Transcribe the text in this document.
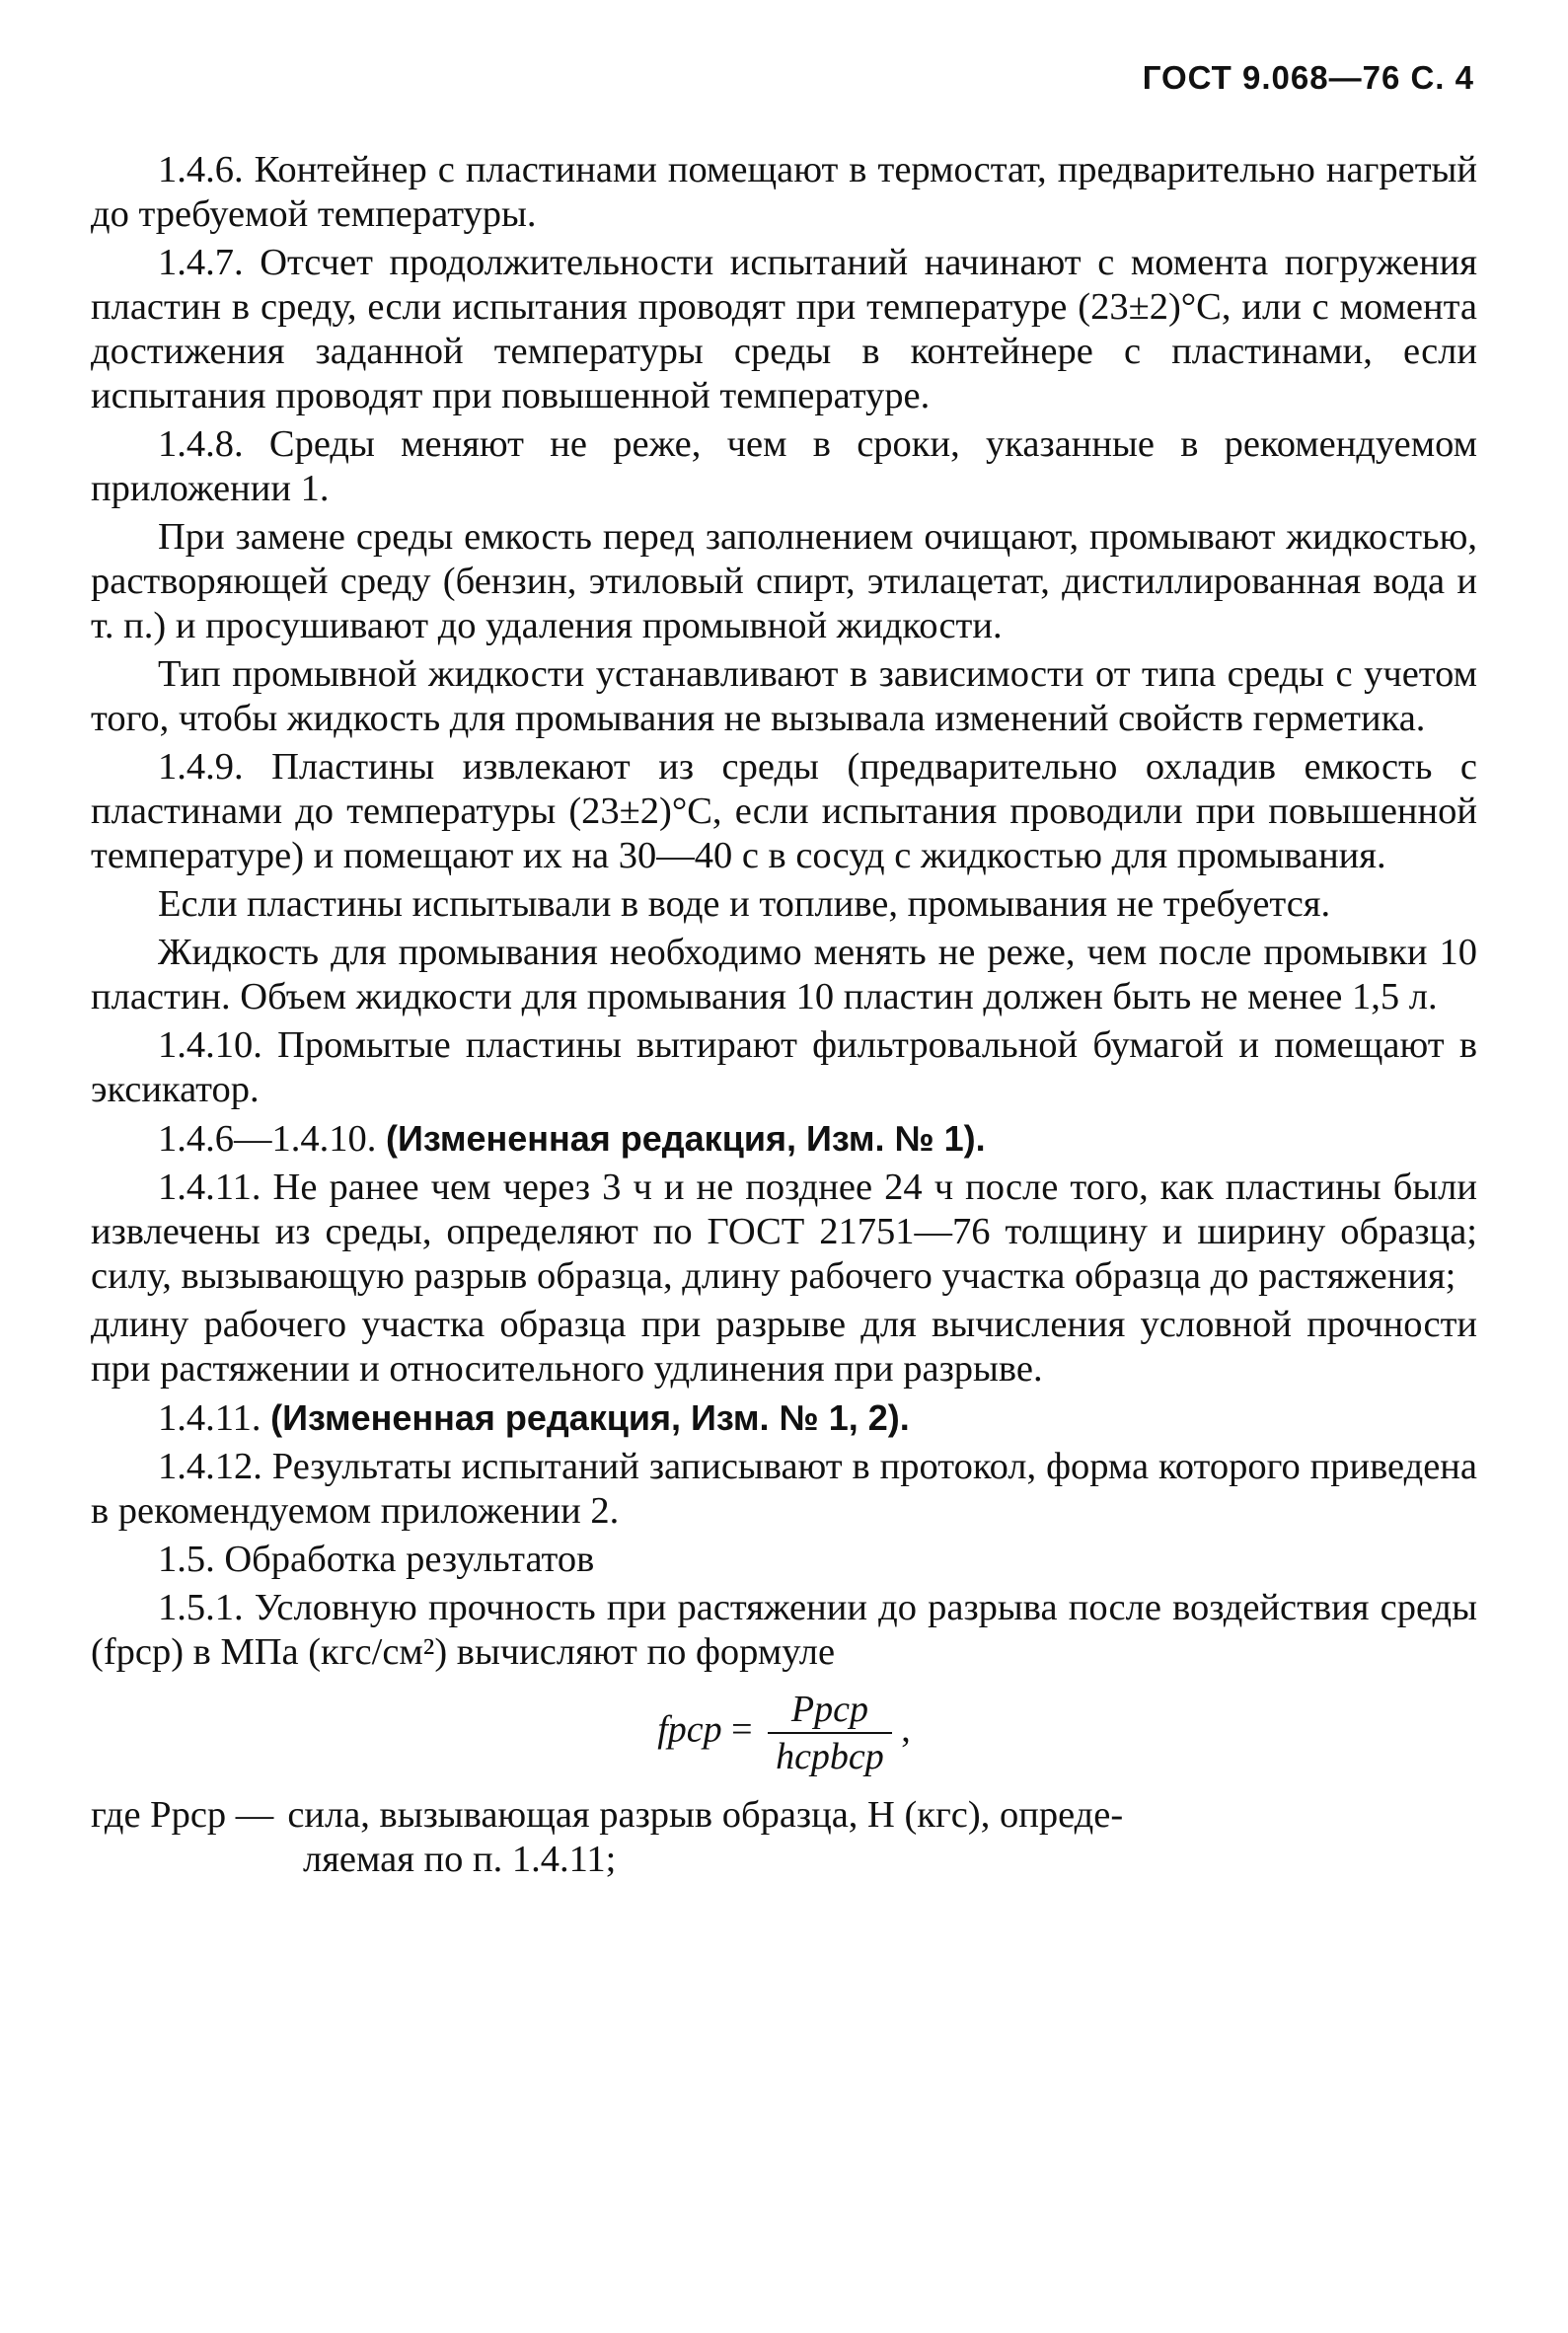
ГОСТ 9.068—76 С. 4

1.4.6. Контейнер с пластинами помещают в термостат, предварительно нагретый до требуемой температуры.

1.4.7. Отсчет продолжительности испытаний начинают с момента погружения пластин в среду, если испытания проводят при температуре (23±2)°С, или с момента достижения заданной температуры среды в контейнере с пластинами, если испытания проводят при повышенной температуре.

1.4.8. Среды меняют не реже, чем в сроки, указанные в рекомендуемом приложении 1.

При замене среды емкость перед заполнением очищают, промывают жидкостью, растворяющей среду (бензин, этиловый спирт, этилацетат, дистиллированная вода и т. п.) и просушивают до удаления промывной жидкости.

Тип промывной жидкости устанавливают в зависимости от типа среды с учетом того, чтобы жидкость для промывания не вызывала изменений свойств герметика.

1.4.9. Пластины извлекают из среды (предварительно охладив емкость с пластинами до температуры (23±2)°С, если испытания проводили при повышенной температуре) и помещают их на 30—40 с в сосуд с жидкостью для промывания.

Если пластины испытывали в воде и топливе, промывания не требуется.

Жидкость для промывания необходимо менять не реже, чем после промывки 10 пластин. Объем жидкости для промывания 10 пластин должен быть не менее 1,5 л.

1.4.10. Промытые пластины вытирают фильтровальной бумагой и помещают в эксикатор.

1.4.6—1.4.10. (Измененная редакция, Изм. № 1).

1.4.11. Не ранее чем через 3 ч и не позднее 24 ч после того, как пластины были извлечены из среды, определяют по ГОСТ 21751—76 толщину и ширину образца; силу, вызывающую разрыв образца, длину рабочего участка образца до растяжения;

длину рабочего участка образца при разрыве для вычисления условной прочности при растяжении и относительного удлинения при разрыве.

1.4.11. (Измененная редакция, Изм. № 1, 2).

1.4.12. Результаты испытаний записывают в протокол, форма которого приведена в рекомендуемом приложении 2.

1.5. Обработка результатов

1.5.1. Условную прочность при растяжении до разрыва после воздействия среды (fрср) в МПа (кгс/см²) вычисляют по формуле

fрср = $\frac{\text{Pрср}}{\text{hсрbср}}$ ,
где Pрср — сила, вызывающая разрыв образца, Н (кгс), опреде-

ляемая по п. 1.4.11;
